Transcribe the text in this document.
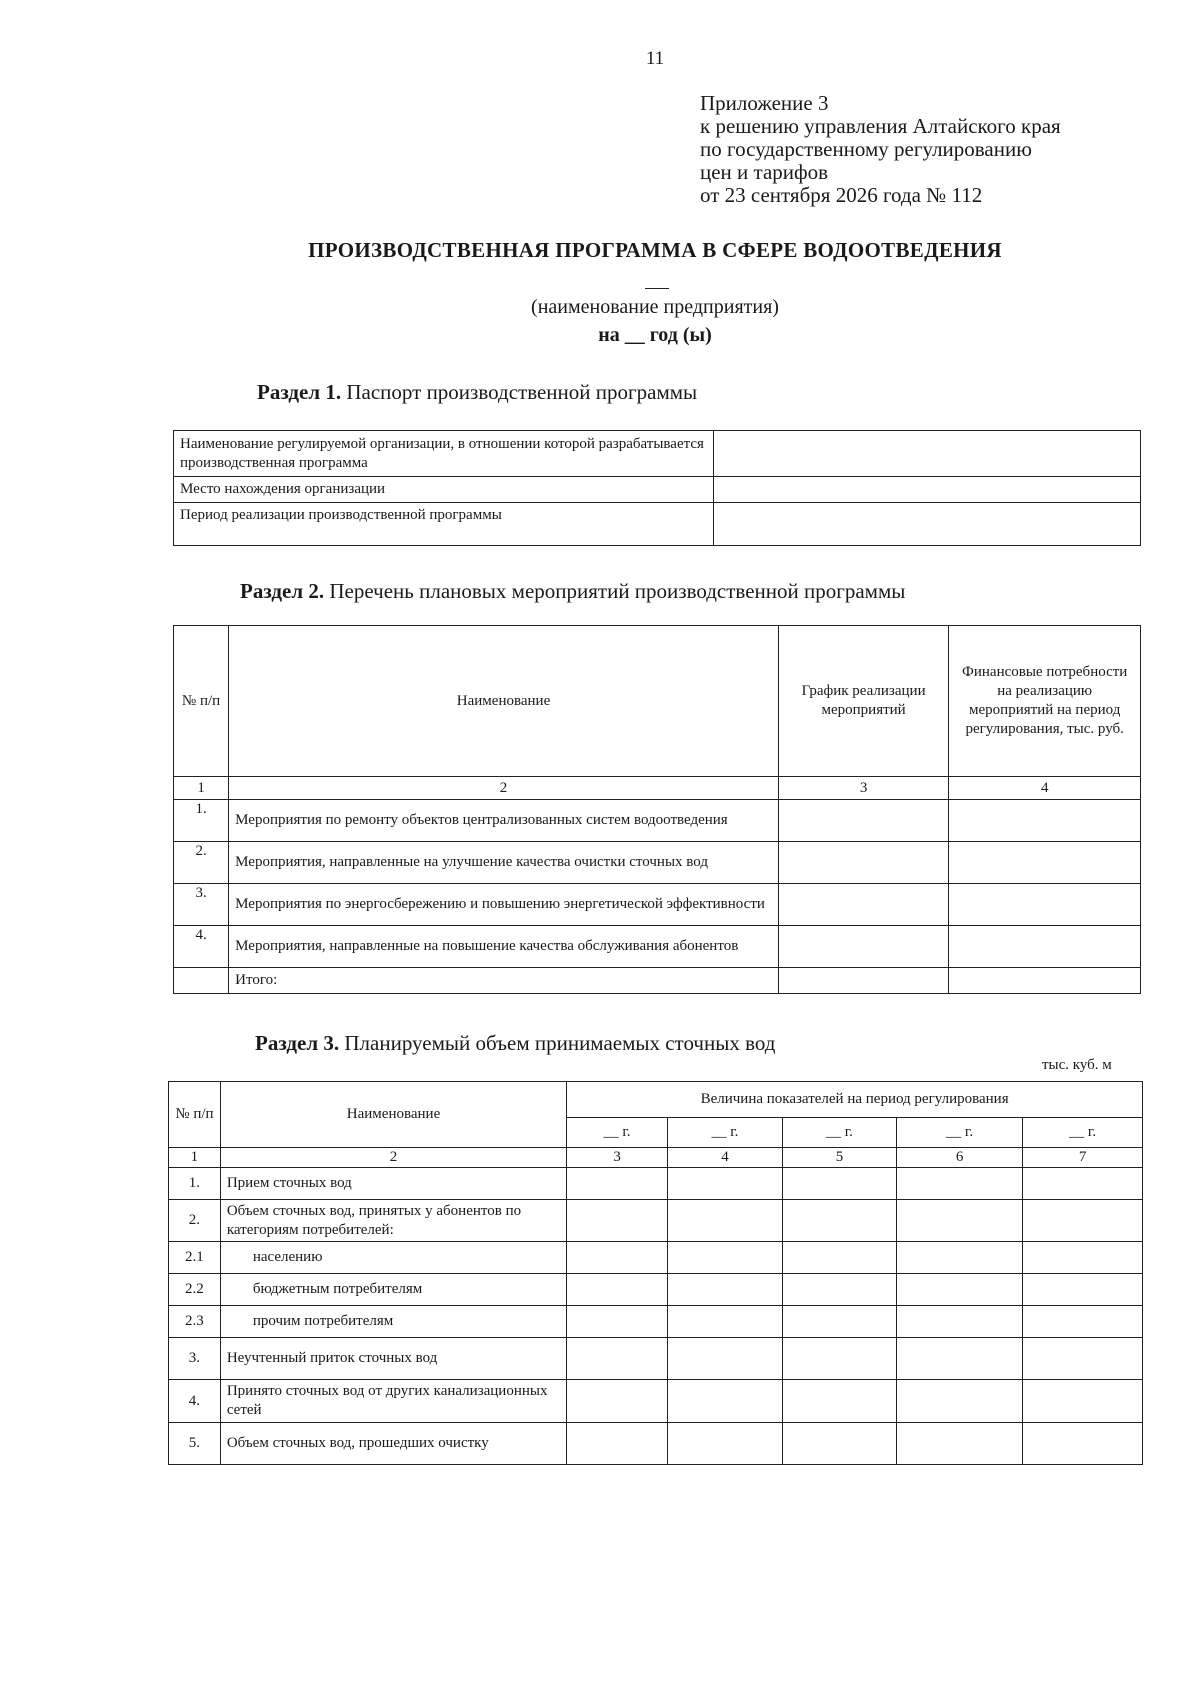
11
Приложение 3
к решению управления Алтайского края
по государственному регулированию
цен и тарифов
от 23 сентября 2026 года № 112
ПРОИЗВОДСТВЕННАЯ ПРОГРАММА В СФЕРЕ ВОДООТВЕДЕНИЯ
(наименование предприятия)
на __ год (ы)
Раздел 1. Паспорт производственной программы
Наименование регулируемой организации, в отношении которой разрабатывается производственная программа	
Место нахождения организации	
Период реализации производственной программы	
Раздел 2. Перечень плановых мероприятий производственной программы
№ п/п	Наименование	График реализации мероприятий	Финансовые потребности на реализацию мероприятий на период регулирования, тыс. руб.
1	2	3	4
1.	Мероприятия по ремонту объектов централизованных систем водоотведения		
2.	Мероприятия, направленные на улучшение качества очистки сточных вод		
3.	Мероприятия по энергосбережению и повышению энергетической эффективности		
4.	Мероприятия, направленные на повышение качества обслуживания абонентов		
	Итого:		
Раздел 3. Планируемый объем принимаемых сточных вод
тыс. куб. м
№ п/п	Наименование	Величина показателей на период регулирования				
		__ г.	__ г.	__ г.	__ г.	__ г.
1	2	3	4	5	6	7
1.	Прием сточных вод					
2.	Объем сточных вод, принятых у абонентов по категориям потребителей:					
2.1	населению					
2.2	бюджетным потребителям					
2.3	прочим потребителям					
3.	Неучтенный приток сточных вод					
4.	Принято сточных вод от других канализационных сетей					
5.	Объем сточных вод, прошедших очистку					
